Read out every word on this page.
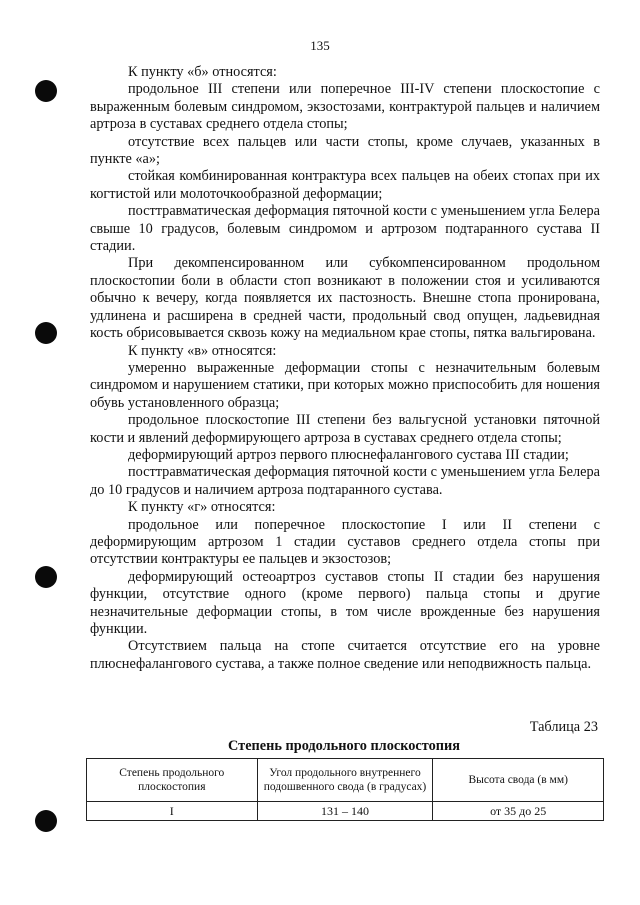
135

К пункту «б» относятся:

продольное III степени или поперечное III-IV степени плоскостопие с выраженным болевым синдромом, экзостозами, контрактурой пальцев и наличием артроза в суставах среднего отдела стопы;

отсутствие всех пальцев или части стопы, кроме случаев, указанных в пункте «а»;

стойкая комбинированная контрактура всех пальцев на обеих стопах при их когтистой или молоточкообразной деформации;

посттравматическая деформация пяточной кости с уменьшением угла Белера свыше 10 градусов, болевым синдромом и артрозом подтаранного сустава II стадии.

При декомпенсированном или субкомпенсированном продольном плоскостопии боли в области стоп возникают в положении стоя и усиливаются обычно к вечеру, когда появляется их пастозность. Внешне стопа пронирована, удлинена и расширена в средней части, продольный свод опущен, ладьевидная кость обрисовывается сквозь кожу на медиальном крае стопы, пятка вальгирована.

К пункту «в» относятся:

умеренно выраженные деформации стопы с незначительным болевым синдромом и нарушением статики, при которых можно приспособить для ношения обувь установленного образца;

продольное плоскостопие III степени без вальгусной установки пяточной кости и явлений деформирующего артроза в суставах среднего отдела стопы;

деформирующий артроз первого плюснефалангового сустава III стадии;

посттравматическая деформация пяточной кости с уменьшением угла Белера до 10 градусов и наличием артроза подтаранного сустава.

К пункту «г» относятся:

продольное или поперечное плоскостопие I или II степени с деформирующим артрозом 1 стадии суставов среднего отдела стопы при отсутствии контрактуры ее пальцев и экзостозов;

деформирующий остеоартроз суставов стопы II стадии без нарушения функции, отсутствие одного (кроме первого) пальца стопы и другие незначительные деформации стопы, в том числе врожденные без нарушения функции.

Отсутствием пальца на стопе считается отсутствие его на уровне плюснефалангового сустава, а также полное сведение или неподвижность пальца.

Таблица 23
Степень продольного плоскостопия
Степень продольного плоскостопия	Угол продольного внутреннего подошвенного свода (в градусах)	Высота свода (в мм)
I	131 – 140	от 35 до 25
